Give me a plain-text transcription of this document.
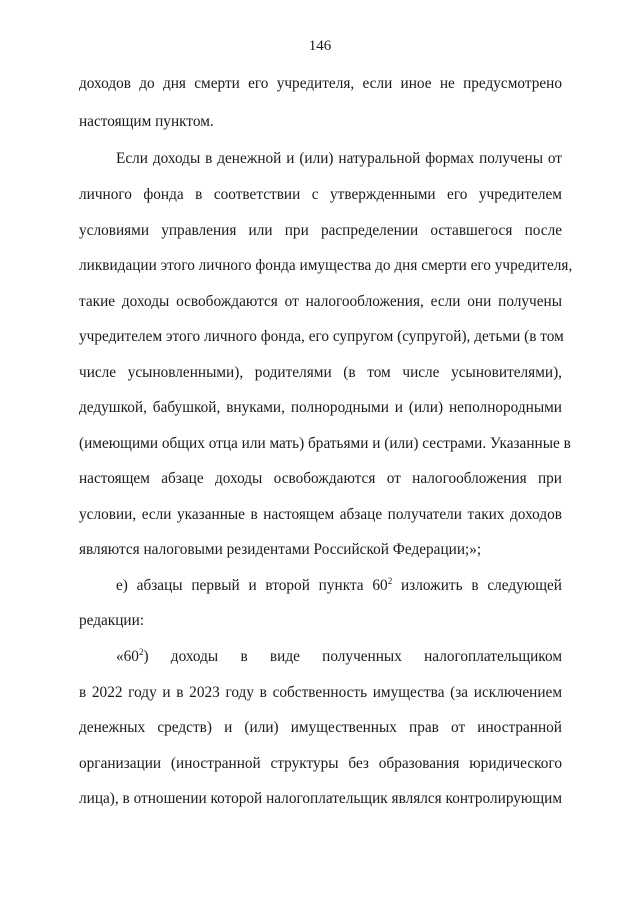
146
доходов до дня смерти его учредителя, если иное не предусмотрено
настоящим пунктом.
Если доходы в денежной и (или) натуральной формах получены от
личного фонда в соответствии с утвержденными его учредителем
условиями управления или при распределении оставшегося после
ликвидации этого личного фонда имущества до дня смерти его учредителя,
такие доходы освобождаются от налогообложения, если они получены
учредителем этого личного фонда, его супругом (супругой), детьми (в том
числе усыновленными), родителями (в том числе усыновителями),
дедушкой, бабушкой, внуками, полнородными и (или) неполнородными
(имеющими общих отца или мать) братьями и (или) сестрами. Указанные в
настоящем абзаце доходы освобождаются от налогообложения при
условии, если указанные в настоящем абзаце получатели таких доходов
являются налоговыми резидентами Российской Федерации;»;
е) абзацы первый и второй пункта $60^2$ изложить в следующей
редакции:
«$60^2$) доходы в виде полученных налогоплательщиком
в 2022 году и в 2023 году в собственность имущества (за исключением
денежных средств) и (или) имущественных прав от иностранной
организации (иностранной структуры без образования юридического
лица), в отношении которой налогоплательщик являлся контролирующим
